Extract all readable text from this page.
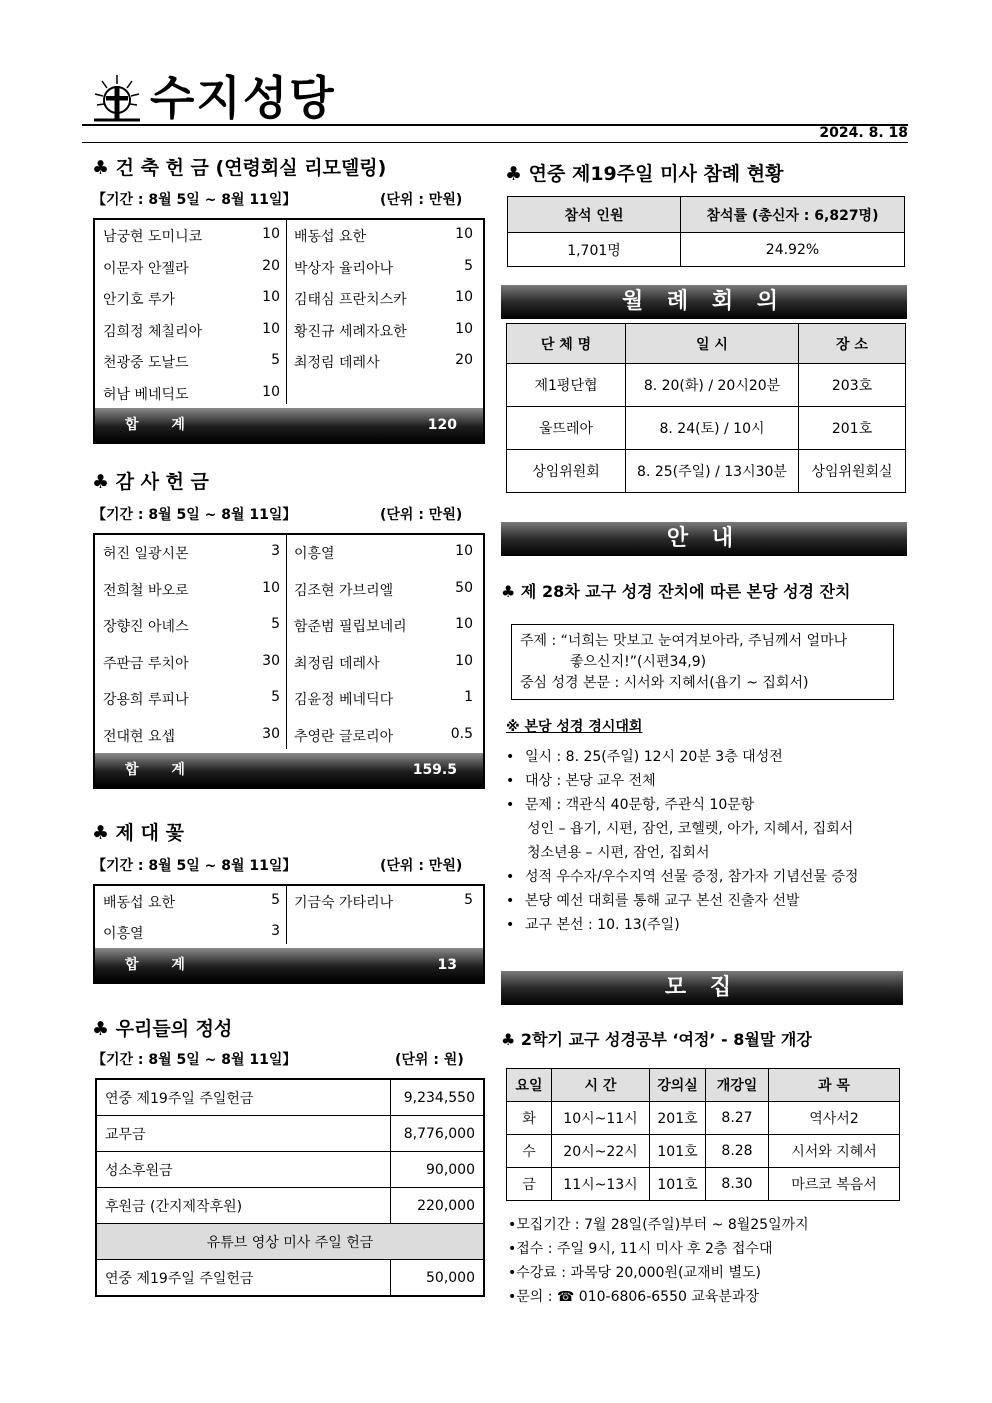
수지성당
2024. 8. 18
♣ 건 축 헌 금 (연령회실 리모델링)
【기간 : 8월 5일 ~ 8월 11일】	(단위 : 만원)
남궁현 도미니코	10
이문자 안젤라	20
안기호 루가	10
김희정 체칠리아	10
천광중 도날드	5
허남 베네딕도	10
배동섭 요한	10
박상자 율리아나	5
김태심 프란치스카	10
황진규 세례자요한	10
최정림 데레사	20
합 계	120
♣ 감 사 헌 금
【기간 : 8월 5일 ~ 8월 11일】	(단위 : 만원)
허진 일광시몬	3
전희철 바오로	10
장향진 아녜스	5
주판금 루치아	30
강용희 루피나	5
전대현 요셉	30
이흥열	10
김조현 가브리엘	50
함준범 필립보네리	10
최정림 데레사	10
김윤정 베네딕다	1
추영란 글로리아	0.5
합 계	159.5
♣ 제 대 꽃
【기간 : 8월 5일 ~ 8월 11일】	(단위 : 만원)
배동섭 요한	5
이흥열	3
기금숙 가타리나	5
합 계	13
♣ 우리들의 정성
【기간 : 8월 5일 ~ 8월 11일】	(단위 : 원)
연중 제19주일 주일헌금	9,234,550
교무금	8,776,000
성소후원금	90,000
후원금 (간지제작후원)	220,000
유튜브 영상 미사 주일 헌금	
연중 제19주일 주일헌금	50,000
♣ 연중 제19주일 미사 참례 현황
참석 인원	참석률 (총신자 : 6,827명)
1,701명	24.92%
월 례 회 의
단 체 명	일 시	장 소
제1평단협	8. 20(화) / 20시20분	203호
울뜨레아	8. 24(토) / 10시	201호
상임위원회	8. 25(주일) / 13시30분	상임위원회실
안 내
♣ 제 28차 교구 성경 잔치에 따른 본당 성경 잔치
주제 : “너희는 맛보고 눈여겨보아라, 주님께서 얼마나
좋으신지!”(시편34,9)
중심 성경 본문 : 시서와 지혜서(욥기 ~ 집회서)
※ 본당 성경 경시대회
• 일시 : 8. 25(주일) 12시 20분 3층 대성전
• 대상 : 본당 교우 전체
• 문제 : 객관식 40문항, 주관식 10문항
성인 – 욥기, 시편, 잠언, 코헬렛, 아가, 지혜서, 집회서
청소년용 – 시편, 잠언, 집회서
• 성적 우수자/우수지역 선물 증정, 참가자 기념선물 증정
• 본당 예선 대회를 통해 교구 본선 진출자 선발
• 교구 본선 : 10. 13(주일)
모 집
♣ 2학기 교구 성경공부 ‘여정’ - 8월말 개강
요일	시 간	강의실	개강일	과 목
화	10시~11시	201호	8.27	역사서2
수	20시~22시	101호	8.28	시서와 지혜서
금	11시~13시	101호	8.30	마르코 복음서
•모집기간 : 7월 28일(주일)부터 ~ 8월25일까지
•접수 : 주일 9시, 11시 미사 후 2층 접수대
•수강료 : 과목당 20,000원(교재비 별도)
•문의 : ☎ 010-6806-6550 교육분과장
